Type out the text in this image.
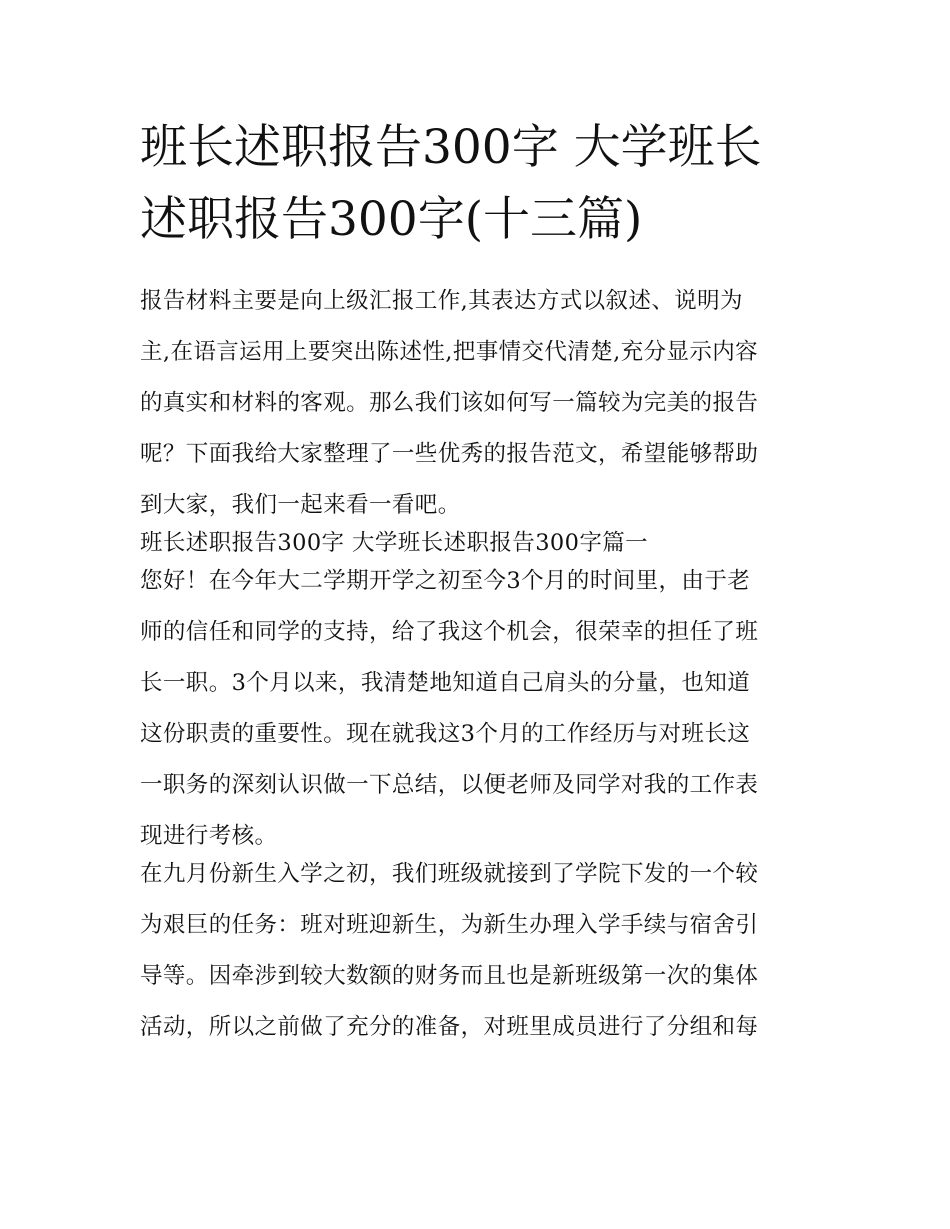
班长述职报告300字 大学班长
述职报告300字(十三篇)
报告材料主要是向上级汇报工作,其表达方式以叙述、说明为
主,在语言运用上要突出陈述性,把事情交代清楚,充分显示内容
的真实和材料的客观。那么我们该如何写一篇较为完美的报告
呢？下面我给大家整理了一些优秀的报告范文，希望能够帮助
到大家，我们一起来看一看吧。
班长述职报告300字 大学班长述职报告300字篇一
您好！在今年大二学期开学之初至今3个月的时间里，由于老
师的信任和同学的支持，给了我这个机会，很荣幸的担任了班
长一职。3个月以来，我清楚地知道自己肩头的分量，也知道
这份职责的重要性。现在就我这3个月的工作经历与对班长这
一职务的深刻认识做一下总结，以便老师及同学对我的工作表
现进行考核。
在九月份新生入学之初，我们班级就接到了学院下发的一个较
为艰巨的任务：班对班迎新生，为新生办理入学手续与宿舍引
导等。因牵涉到较大数额的财务而且也是新班级第一次的集体
活动，所以之前做了充分的准备，对班里成员进行了分组和每
